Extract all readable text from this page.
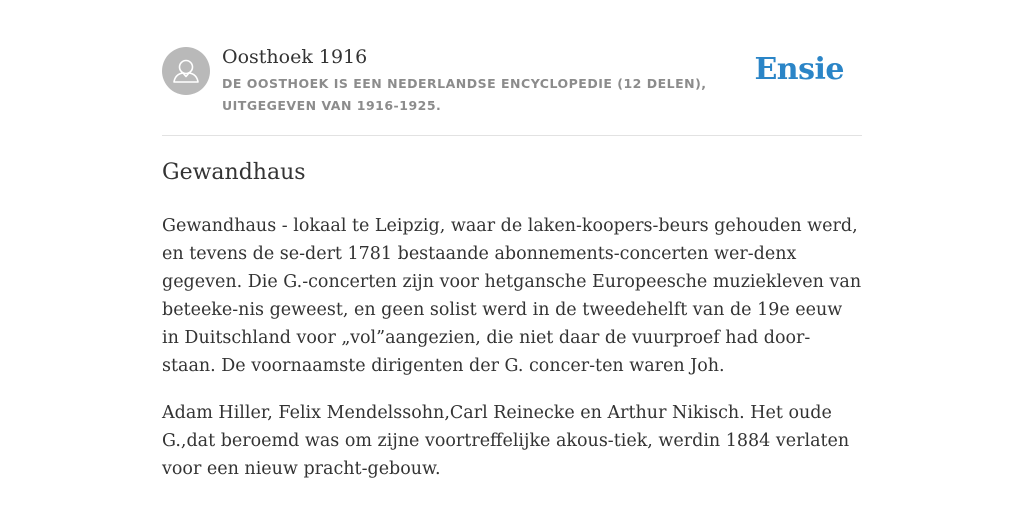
Oosthoek 1916
DE OOSTHOEK IS EEN NEDERLANDSE ENCYCLOPEDIE (12 DELEN), UITGEGEVEN VAN 1916-1925.
Ensie
Gewandhaus

Gewandhaus - lokaal te Leipzig, waar de laken-koopers-beurs gehouden werd, en tevens de se-dert 1781 bestaande abonnements-concerten wer-denx gegeven. Die G.-concerten zijn voor hetgansche Europeesche muziekleven van beteeke-nis geweest, en geen solist werd in de tweedehelft van de 19e eeuw in Duitschland voor „vol”aangezien, die niet daar de vuurproef had door-staan. De voornaamste dirigenten der G. concer-ten waren Joh.

Adam Hiller, Felix Mendelssohn,Carl Reinecke en Arthur Nikisch. Het oude G.,dat beroemd was om zijne voortreffelijke akous-tiek, werdin 1884 verlaten voor een nieuw pracht-gebouw.
